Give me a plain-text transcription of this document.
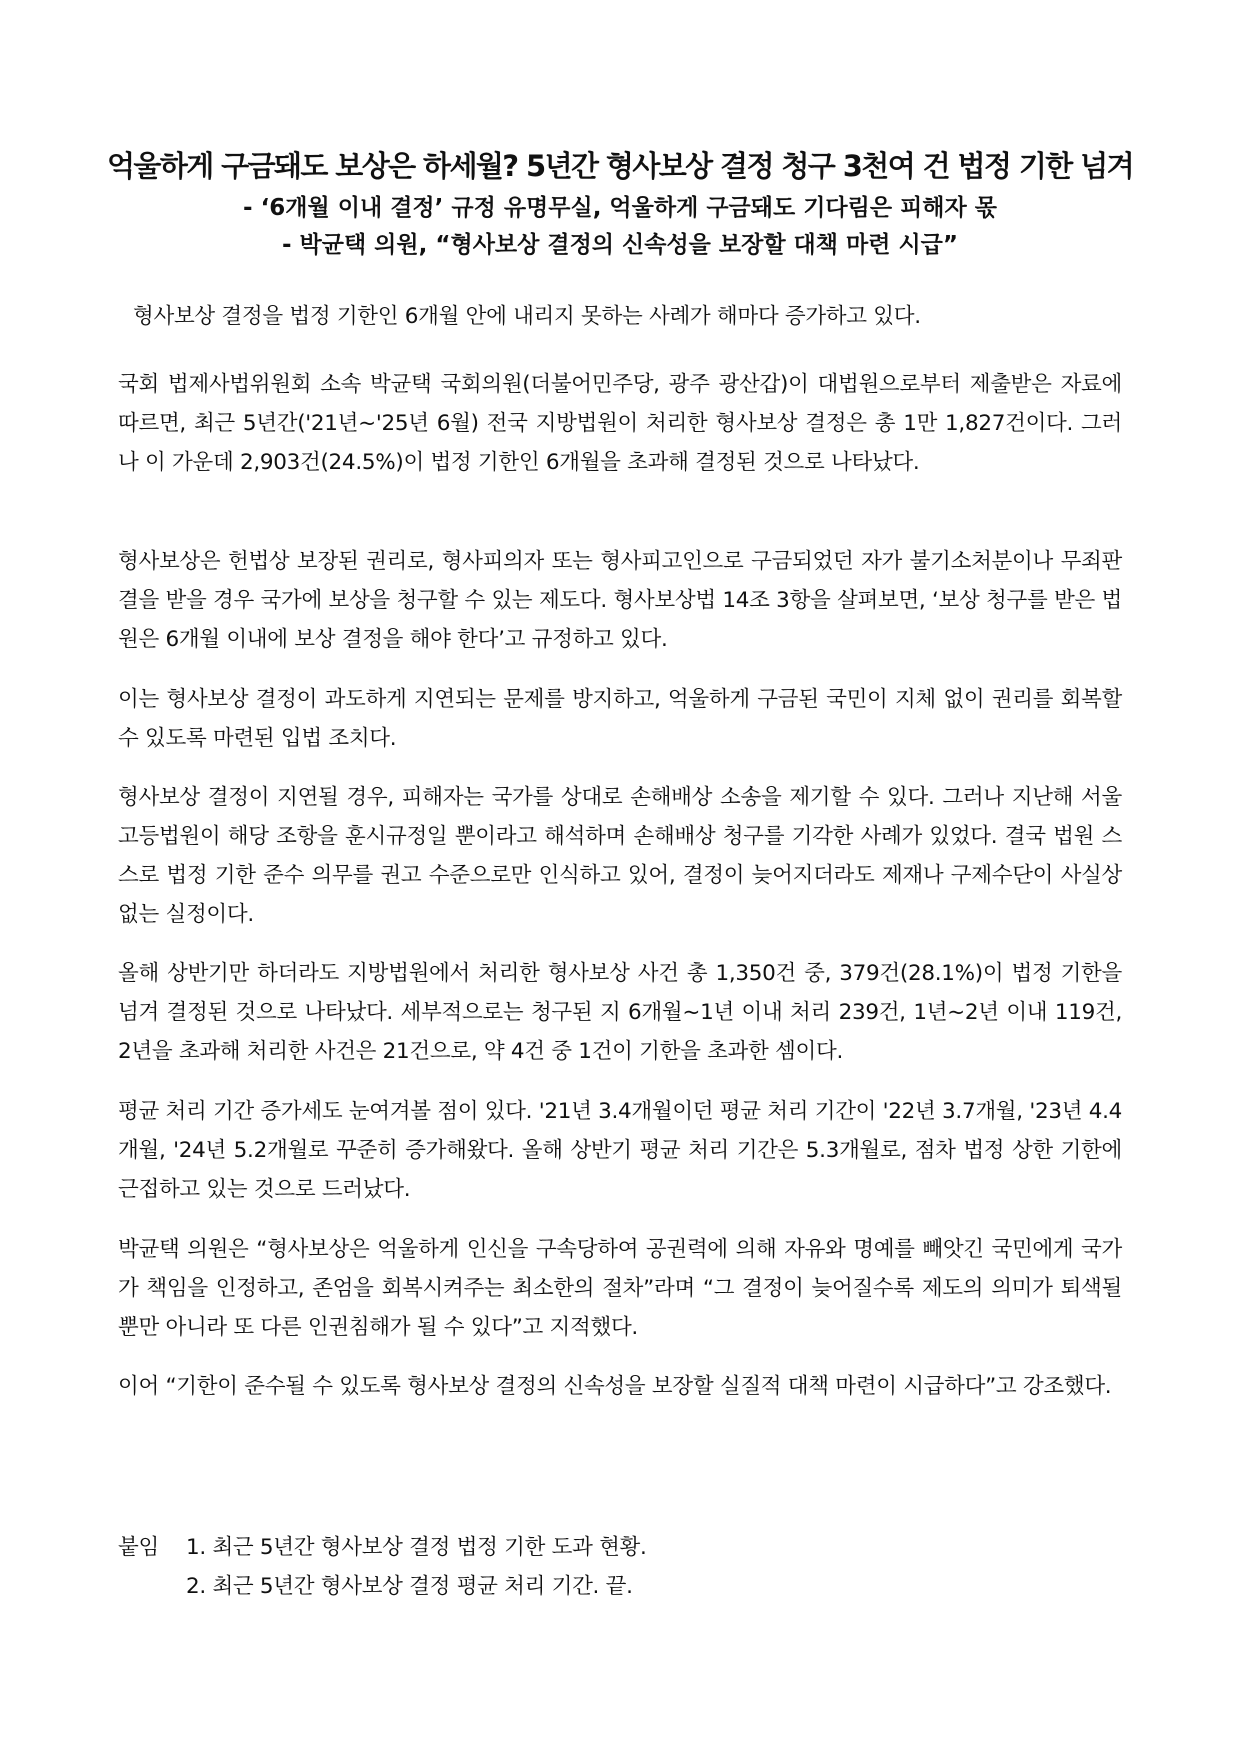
억울하게 구금돼도 보상은 하세월? 5년간 형사보상 결정 청구 3천여 건 법정 기한 넘겨
- ‘6개월 이내 결정’ 규정 유명무실, 억울하게 구금돼도 기다림은 피해자 몫
- 박균택 의원, “형사보상 결정의 신속성을 보장할 대책 마련 시급”
형사보상 결정을 법정 기한인 6개월 안에 내리지 못하는 사례가 해마다 증가하고 있다.
국회 법제사법위원회 소속 박균택 국회의원(더불어민주당, 광주 광산갑)이 대법원으로부터 제출받은 자료에 따르면, 최근 5년간('21년~'25년 6월) 전국 지방법원이 처리한 형사보상 결정은 총 1만 1,827건이다. 그러나 이 가운데 2,903건(24.5%)이 법정 기한인 6개월을 초과해 결정된 것으로 나타났다.
형사보상은 헌법상 보장된 권리로, 형사피의자 또는 형사피고인으로 구금되었던 자가 불기소처분이나 무죄판결을 받을 경우 국가에 보상을 청구할 수 있는 제도다. 형사보상법 14조 3항을 살펴보면, ‘보상 청구를 받은 법원은 6개월 이내에 보상 결정을 해야 한다’고 규정하고 있다.
이는 형사보상 결정이 과도하게 지연되는 문제를 방지하고, 억울하게 구금된 국민이 지체 없이 권리를 회복할 수 있도록 마련된 입법 조치다.
형사보상 결정이 지연될 경우, 피해자는 국가를 상대로 손해배상 소송을 제기할 수 있다. 그러나 지난해 서울고등법원이 해당 조항을 훈시규정일 뿐이라고 해석하며 손해배상 청구를 기각한 사례가 있었다. 결국 법원 스스로 법정 기한 준수 의무를 권고 수준으로만 인식하고 있어, 결정이 늦어지더라도 제재나 구제수단이 사실상 없는 실정이다.
올해 상반기만 하더라도 지방법원에서 처리한 형사보상 사건 총 1,350건 중, 379건(28.1%)이 법정 기한을 넘겨 결정된 것으로 나타났다. 세부적으로는 청구된 지 6개월~1년 이내 처리 239건, 1년~2년 이내 119건, 2년을 초과해 처리한 사건은 21건으로, 약 4건 중 1건이 기한을 초과한 셈이다.
평균 처리 기간 증가세도 눈여겨볼 점이 있다. '21년 3.4개월이던 평균 처리 기간이 '22년 3.7개월, '23년 4.4개월, '24년 5.2개월로 꾸준히 증가해왔다. 올해 상반기 평균 처리 기간은 5.3개월로, 점차 법정 상한 기한에 근접하고 있는 것으로 드러났다.
박균택 의원은 “형사보상은 억울하게 인신을 구속당하여 공권력에 의해 자유와 명예를 빼앗긴 국민에게 국가가 책임을 인정하고, 존엄을 회복시켜주는 최소한의 절차”라며 “그 결정이 늦어질수록 제도의 의미가 퇴색될 뿐만 아니라 또 다른 인권침해가 될 수 있다”고 지적했다.
이어 “기한이 준수될 수 있도록 형사보상 결정의 신속성을 보장할 실질적 대책 마련이 시급하다”고 강조했다.
붙임	1. 최근 5년간 형사보상 결정 법정 기한 도과 현황.
2. 최근 5년간 형사보상 결정 평균 처리 기간. 끝.
